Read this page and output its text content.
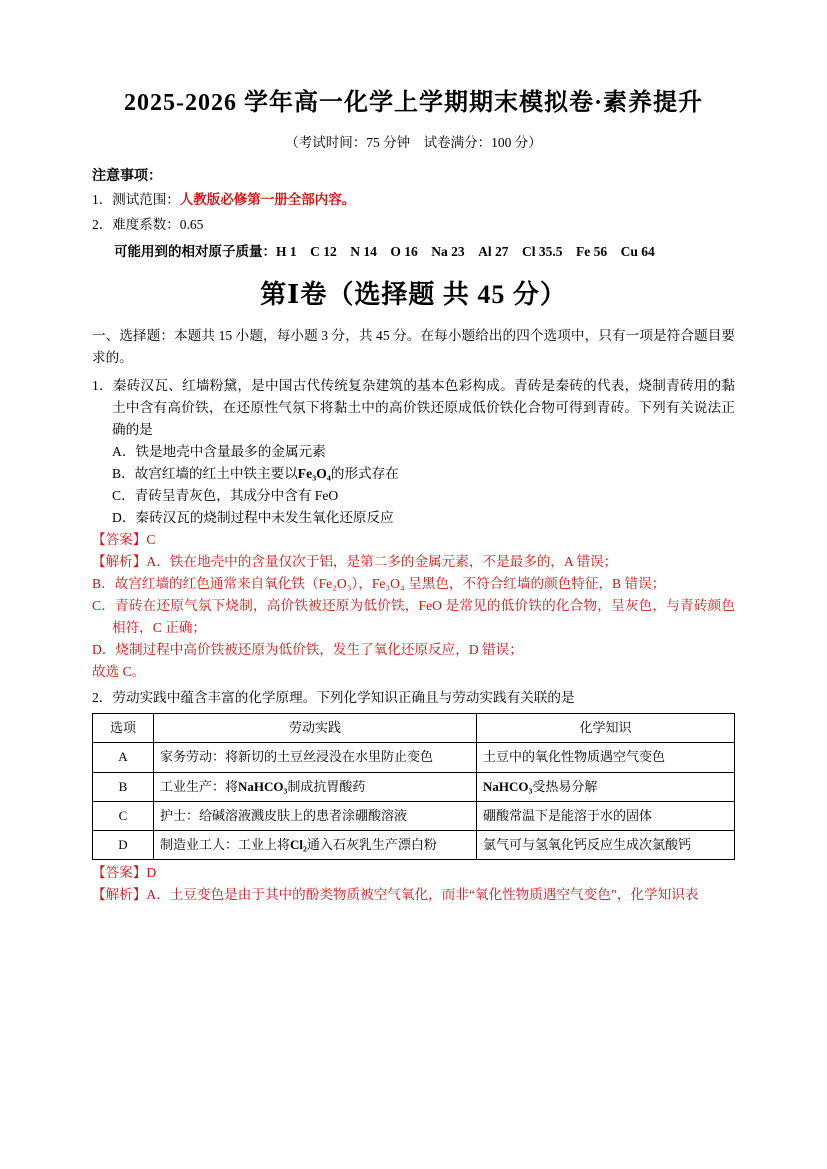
2025-2026 学年高一化学上学期期末模拟卷·素养提升
（考试时间：75 分钟　试卷满分：100 分）
注意事项：
1．测试范围：人教版必修第一册全部内容。
2．难度系数：0.65
可能用到的相对原子质量：H 1　C 12　N 14　O 16　Na 23　Al 27　Cl 35.5　Fe 56　Cu 64
第Ⅰ卷（选择题 共 45 分）
一、选择题：本题共 15 小题，每小题 3 分，共 45 分。在每小题给出的四个选项中，只有一项是符合题目要求的。

1．秦砖汉瓦、红墙粉黛，是中国古代传统复杂建筑的基本色彩构成。青砖是秦砖的代表，烧制青砖用的黏土中含有高价铁，在还原性气氛下将黏土中的高价铁还原成低价铁化合物可得到青砖。下列有关说法正确的是

A．铁是地壳中含量最多的金属元素

B．故宫红墙的红土中铁主要以Fe₃O₄的形式存在

C．青砖呈青灰色，其成分中含有 FeO

D．秦砖汉瓦的烧制过程中未发生氧化还原反应

【答案】C

【解析】A．铁在地壳中的含量仅次于铝，是第二多的金属元素，不是最多的，A 错误；

B．故宫红墙的红色通常来自氧化铁（Fe₂O₃），Fe₃O₄ 呈黑色，不符合红墙的颜色特征，B 错误；

C．青砖在还原气氛下烧制，高价铁被还原为低价铁，FeO 是常见的低价铁的化合物，呈灰色，与青砖颜色相符，C 正确；

D．烧制过程中高价铁被还原为低价铁，发生了氧化还原反应，D 错误；

故选 C。

2．劳动实践中蕴含丰富的化学原理。下列化学知识正确且与劳动实践有关联的是

选项	劳动实践	化学知识
A	家务劳动：将新切的土豆丝浸没在水里防止变色	土豆中的氧化性物质遇空气变色
B	工业生产：将NaHCO₃制成抗胃酸药	NaHCO₃受热易分解
C	护士：给碱溶液溅皮肤上的患者涂硼酸溶液	硼酸常温下是能溶于水的固体
D	制造业工人：工业上将Cl₂通入石灰乳生产漂白粉	氯气可与氢氧化钙反应生成次氯酸钙

【答案】D

【解析】A．土豆变色是由于其中的酚类物质被空气氧化，而非“氧化性物质遇空气变色”，化学知识表
